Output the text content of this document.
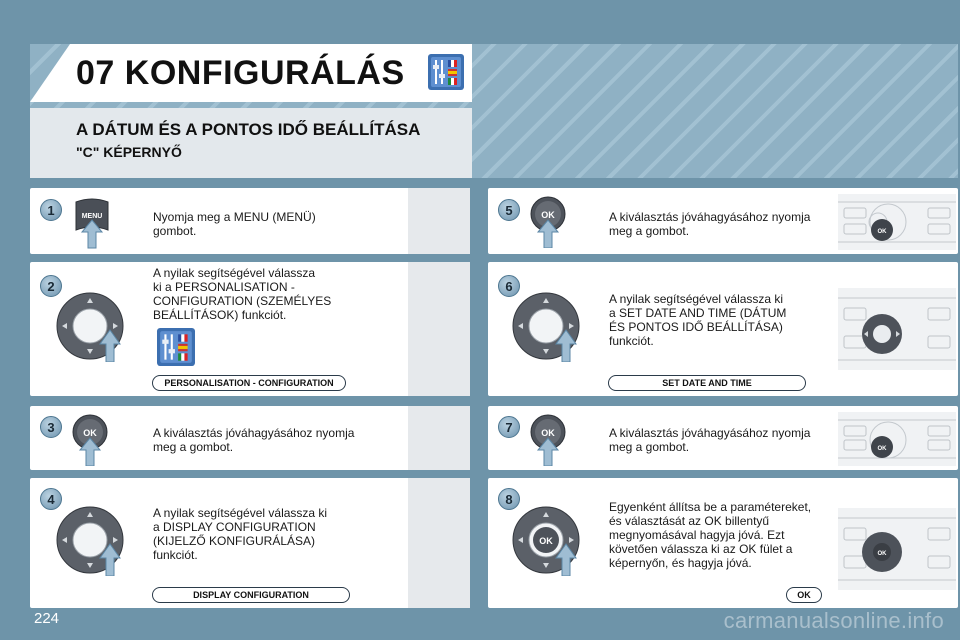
07 KONFIGURÁLÁS
A DÁTUM ÉS A PONTOS IDŐ BEÁLLÍTÁSA
"C" KÉPERNYŐ
1	MENU	Nyomja meg a MENU (MENÜ)
gombot.
2
A nyilak segítségével válassza
ki a PERSONALISATION -
CONFIGURATION (SZEMÉLYES
BEÁLLÍTÁSOK) funkciót.
PERSONALISATION - CONFIGURATION
3	OK	A kiválasztás jóváhagyásához nyomja
meg a gombot.
4
A nyilak segítségével válassza ki
a DISPLAY CONFIGURATION
(KIJELZŐ KONFIGURÁLÁSA)
funkciót.
DISPLAY CONFIGURATION
5	OK	A kiválasztás jóváhagyásához nyomja
meg a gombot.	OK
6
A nyilak segítségével válassza ki
a SET DATE AND TIME (DÁTUM
ÉS PONTOS IDŐ BEÁLLÍTÁSA)
funkciót.
SET DATE AND TIME
7	OK	A kiválasztás jóváhagyásához nyomja
meg a gombot.	OK
8
OK
Egyenként állítsa be a paramétereket,
és választását az OK billentyű
megnyomásával hagyja jóvá. Ezt
követően válassza ki az OK fület a
képernyőn, és hagyja jóvá.
OK
OK
224	carmanualsonline.info
